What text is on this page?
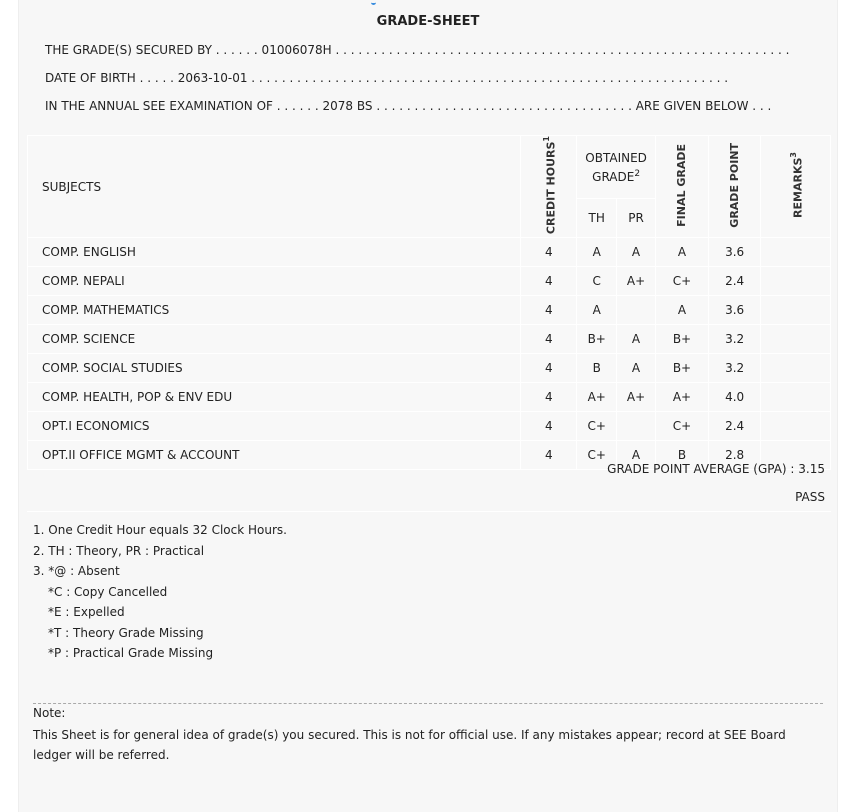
GRADE-SHEET
THE GRADE(S) SECURED BY . . . . . . 01006078H . . . . . . . . . . . . . . . . . . . . . . . . . . . . . . . . . . . . . . . . . . . . . . . . . . . . . . . . . . . .
DATE OF BIRTH . . . . . 2063-10-01 . . . . . . . . . . . . . . . . . . . . . . . . . . . . . . . . . . . . . . . . . . . . . . . . . . . . . . . . . . . . . . .
IN THE ANNUAL SEE EXAMINATION OF . . . . . . 2078 BS . . . . . . . . . . . . . . . . . . . . . . . . . . . . . . . . . . ARE GIVEN BELOW . . .
SUBJECTS	CREDIT HOURS$^1$	OBTAINED GRADE$^2$		FINAL GRADE	GRADE POINT	REMARKS$^3$
		TH	PR			
COMP. ENGLISH	4	A	A	A	3.6	
COMP. NEPALI	4	C	A+	C+	2.4	
COMP. MATHEMATICS	4	A		A	3.6	
COMP. SCIENCE	4	B+	A	B+	3.2	
COMP. SOCIAL STUDIES	4	B	A	B+	3.2	
COMP. HEALTH, POP & ENV EDU	4	A+	A+	A+	4.0	
OPT.I ECONOMICS	4	C+		C+	2.4	
OPT.II OFFICE MGMT & ACCOUNT	4	C+	A	B	2.8	
GRADE POINT AVERAGE (GPA) : 3.15
PASS
1. One Credit Hour equals 32 Clock Hours.
2. TH : Theory, PR : Practical
3. *@ : Absent
*C : Copy Cancelled
*E : Expelled
*T : Theory Grade Missing
*P : Practical Grade Missing
Note:
This Sheet is for general idea of grade(s) you secured. This is not for official use. If any mistakes appear; record at SEE Board ledger will be referred.
